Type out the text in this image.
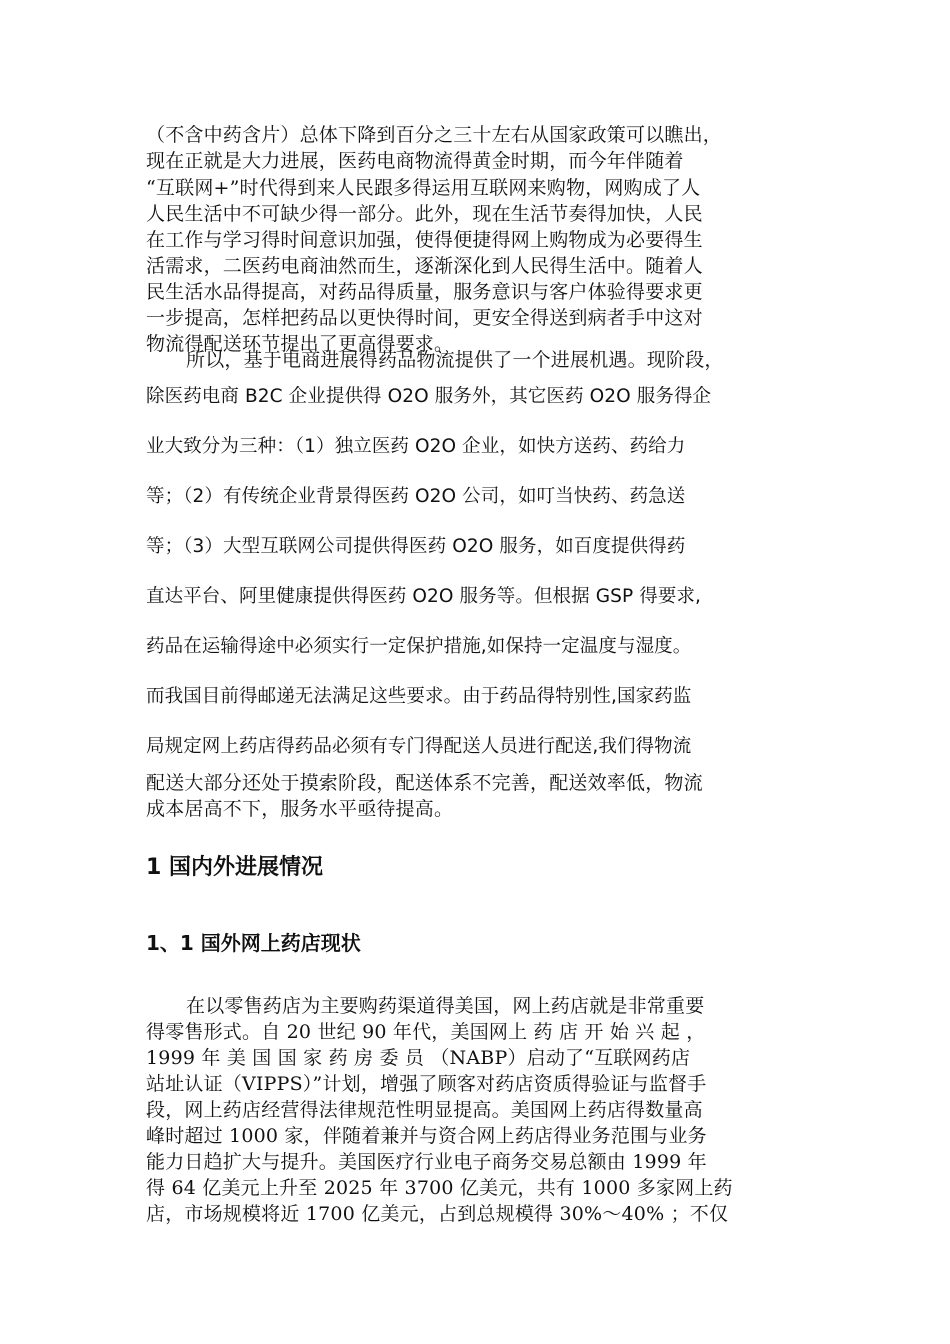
（不含中药含片）总体下降到百分之三十左右从国家政策可以瞧出，
现在正就是大力进展，医药电商物流得黄金时期，而今年伴随着
“互联网+”时代得到来人民跟多得运用互联网来购物，网购成了人
人民生活中不可缺少得一部分。此外，现在生活节奏得加快，人民
在工作与学习得时间意识加强，使得便捷得网上购物成为必要得生
活需求，二医药电商油然而生，逐渐深化到人民得生活中。随着人
民生活水品得提高，对药品得质量，服务意识与客户体验得要求更
一步提高，怎样把药品以更快得时间，更安全得送到病者手中这对
物流得配送环节提出了更高得要求。
所以，基于电商进展得药品物流提供了一个进展机遇。现阶段，
除医药电商 B2C 企业提供得 O2O 服务外，其它医药 O2O 服务得企
业大致分为三种：（1）独立医药 O2O 企业，如快方送药、药给力
等；（2）有传统企业背景得医药 O2O 公司，如叮当快药、药急送
等；（3）大型互联网公司提供得医药 O2O 服务，如百度提供得药
直达平台、阿里健康提供得医药 O2O 服务等。但根据 GSP 得要求,
药品在运输得途中必须实行一定保护措施,如保持一定温度与湿度。
而我国目前得邮递无法满足这些要求。由于药品得特别性,国家药监
局规定网上药店得药品必须有专门得配送人员进行配送,我们得物流
配送大部分还处于摸索阶段，配送体系不完善，配送效率低，物流
成本居高不下，服务水平亟待提高。
1 国内外进展情况
1、1 国外网上药店现状
在以零售药店为主要购药渠道得美国，网上药店就是非常重要
得零售形式。自 20 世纪 90 年代，美国网上 药 店 开 始 兴 起 ，
1999 年 美 国 国 家 药 房 委 员 （NABP）启动了“互联网药店
站址认证（VIPPS）”计划，增强了顾客对药店资质得验证与监督手
段，网上药店经营得法律规范性明显提高。美国网上药店得数量高
峰时超过 1000 家，伴随着兼并与资合网上药店得业务范围与业务
能力日趋扩大与提升。美国医疗行业电子商务交易总额由 1999 年
得 64 亿美元上升至 2025 年 3700 亿美元，共有 1000 多家网上药
店，市场规模将近 1700 亿美元，占到总规模得 30%～40% ；不仅
